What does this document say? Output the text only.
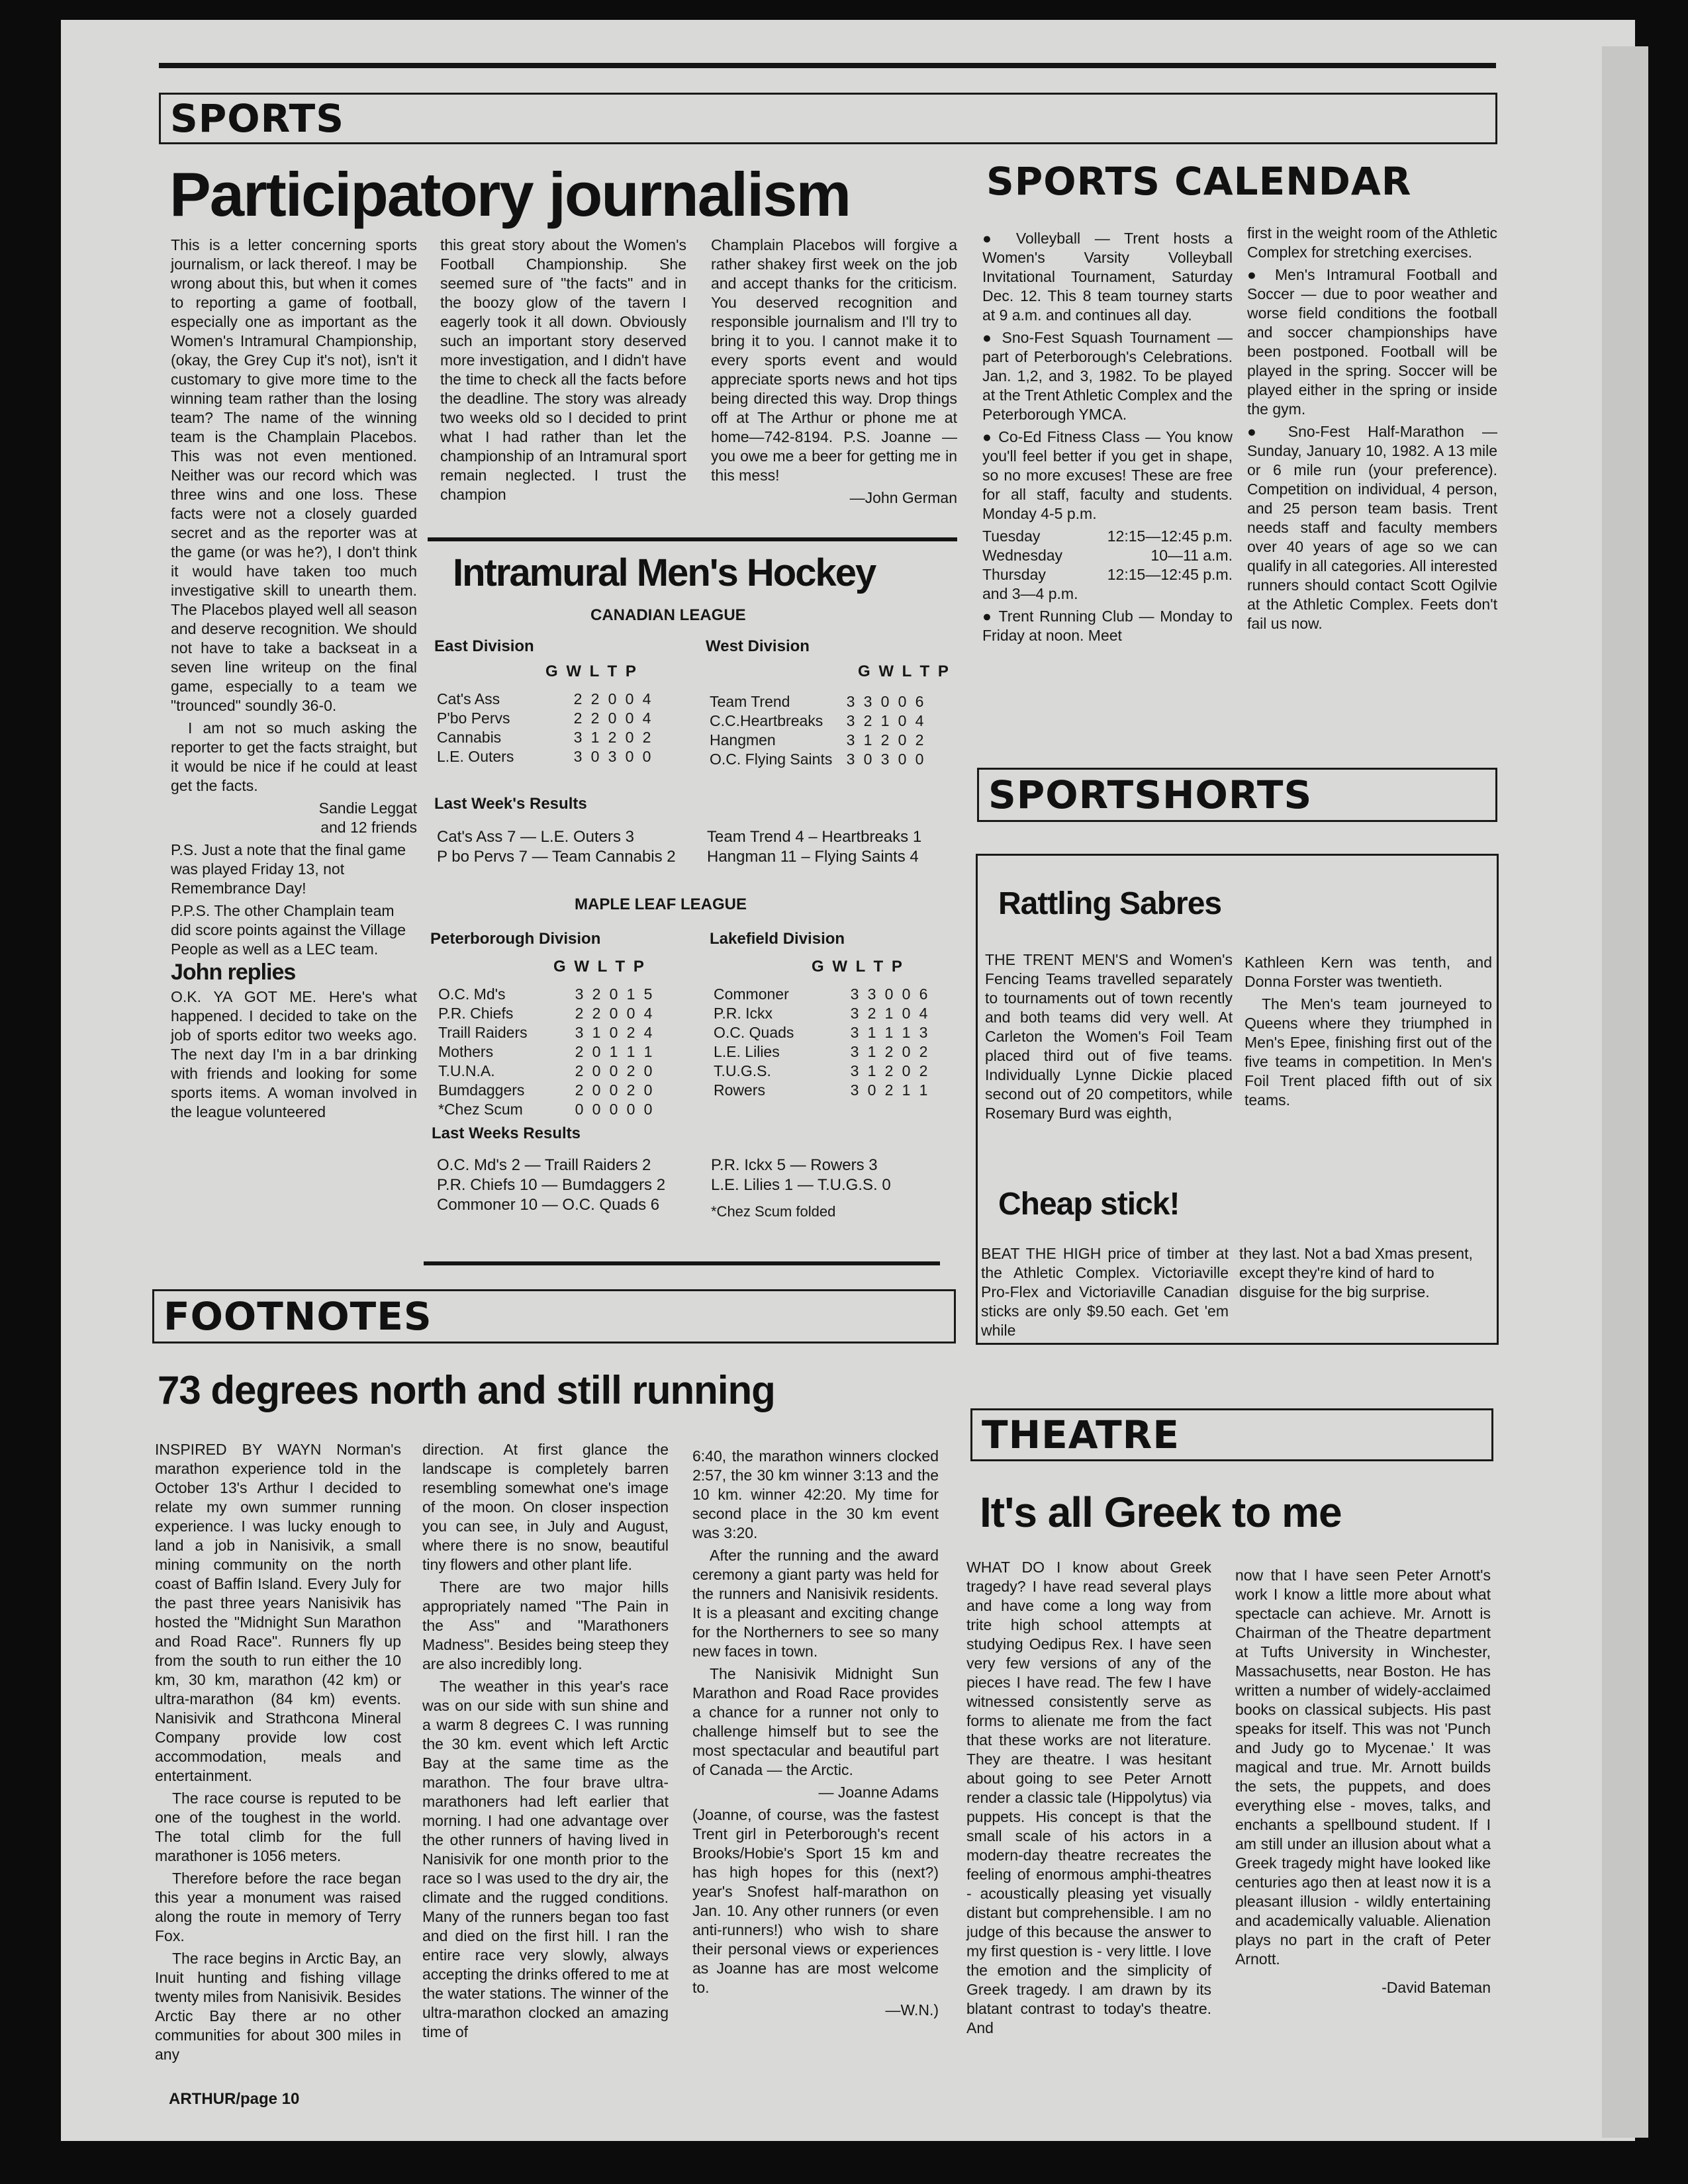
SPORTS
Participatory journalism

This is a letter concerning sports journalism, or lack thereof. I may be wrong about this, but when it comes to reporting a game of football, especially one as important as the Women's Intramural Championship, (okay, the Grey Cup it's not), isn't it customary to give more time to the winning team rather than the losing team? The name of the winning team is the Champlain Placebos. This was not even mentioned. Neither was our record which was three wins and one loss. These facts were not a closely guarded secret and as the reporter was at the game (or was he?), I don't think it would have taken too much investigative skill to unearth them. The Placebos played well all season and deserve recognition. We should not have to take a backseat in a seven line writeup on the final game, especially to a team we "trounced" soundly 36-0.

I am not so much asking the reporter to get the facts straight, but it would be nice if he could at least get the facts.

Sandie Leggat
and 12 friends

P.S. Just a note that the final game was played Friday 13, not Remembrance Day!

P.P.S. The other Champlain team did score points against the Village People as well as a LEC team.

John replies

O.K. YA GOT ME. Here's what happened. I decided to take on the job of sports editor two weeks ago. The next day I'm in a bar drinking with friends and looking for some sports items. A woman involved in the league volunteered

this great story about the Women's Football Championship. She seemed sure of "the facts" and in the boozy glow of the tavern I eagerly took it all down. Obviously such an important story deserved more investigation, and I didn't have the time to check all the facts before the deadline. The story was already two weeks old so I decided to print what I had rather than let the championship of an Intramural sport remain neglected. I trust the champion

Champlain Placebos will forgive a rather shakey first week on the job and accept thanks for the criticism. You deserved recognition and responsible journalism and I'll try to bring it to you. I cannot make it to every sports event and would appreciate sports news and hot tips being directed this way. Drop things off at The Arthur or phone me at home—742-8194. P.S. Joanne — you owe me a beer for getting me in this mess!

—John German

Intramural Men's Hockey
CANADIAN LEAGUE
East Division
G W L T P
Cat's Ass	2	2	0	0	4
P'bo Pervs	2	2	0	0	4
Cannabis	3	1	2	0	2
L.E. Outers	3	0	3	0	0
West Division
G W L T P
Team Trend	3	3	0	0	6
C.C.Heartbreaks	3	2	1	0	4
Hangmen	3	1	2	0	2
O.C. Flying Saints	3	0	3	0	0
Last Week's Results
Cat's Ass 7 — L.E. Outers 3
P bo Pervs 7 — Team Cannabis 2
Team Trend 4 – Heartbreaks 1
Hangman 11 – Flying Saints 4
MAPLE LEAF LEAGUE
Peterborough Division
G W L T P
O.C. Md's	3	2	0	1	5
P.R. Chiefs	2	2	0	0	4
Traill Raiders	3	1	0	2	4
Mothers	2	0	1	1	1
T.U.N.A.	2	0	0	2	0
Bumdaggers	2	0	0	2	0
*Chez Scum	0	0	0	0	0
Lakefield Division
G W L T P
Commoner	3	3	0	0	6
P.R. Ickx	3	2	1	0	4
O.C. Quads	3	1	1	1	3
L.E. Lilies	3	1	2	0	2
T.U.G.S.	3	1	2	0	2
Rowers	3	0	2	1	1
Last Weeks Results
O.C. Md's 2 — Traill Raiders 2
P.R. Chiefs 10 — Bumdaggers 2
Commoner 10 — O.C. Quads 6
P.R. Ickx 5 — Rowers 3
L.E. Lilies 1 — T.U.G.S. 0
*Chez Scum folded
SPORTS CALENDAR

● Volleyball — Trent hosts a Women's Varsity Volleyball Invitational Tournament, Saturday Dec. 12. This 8 team tourney starts at 9 a.m. and continues all day.

● Sno-Fest Squash Tournament — part of Peterborough's Celebrations. Jan. 1,2, and 3, 1982. To be played at the Trent Athletic Complex and the Peterborough YMCA.

● Co-Ed Fitness Class — You know you'll feel better if you get in shape, so no more excuses! These are free for all staff, faculty and students. Monday 4-5 p.m.

Tuesday	12:15—12:45 p.m.
Wednesday	10—11 a.m.
Thursday	12:15—12:45 p.m.
and 3—4 p.m.

● Trent Running Club — Monday to Friday at noon. Meet

first in the weight room of the Athletic Complex for stretching exercises.

● Men's Intramural Football and Soccer — due to poor weather and worse field conditions the football and soccer championships have been postponed. Football will be played in the spring. Soccer will be played either in the spring or inside the gym.

● Sno-Fest Half-Marathon — Sunday, January 10, 1982. A 13 mile or 6 mile run (your preference). Competition on individual, 4 person, and 25 person team basis. Trent needs staff and faculty members over 40 years of age so we can qualify in all categories. All interested runners should contact Scott Ogilvie at the Athletic Complex. Feets don't fail us now.

SPORTSHORTS
Rattling Sabres

THE TRENT MEN'S and Women's Fencing Teams travelled separately to tournaments out of town recently and both teams did very well. At Carleton the Women's Foil Team placed third out of five teams. Individually Lynne Dickie placed second out of 20 competitors, while Rosemary Burd was eighth,

Kathleen Kern was tenth, and Donna Forster was twentieth.

The Men's team journeyed to Queens where they triumphed in Men's Epee, finishing first out of the five teams in competition. In Men's Foil Trent placed fifth out of six teams.

Cheap stick!

BEAT THE HIGH price of timber at the Athletic Complex. Victoriaville Pro-Flex and Victoriaville Canadian sticks are only $9.50 each. Get 'em while

they last. Not a bad Xmas present, except they're kind of hard to disguise for the big surprise.

FOOTNOTES
73 degrees north and still running

INSPIRED BY WAYN Norman's marathon experience told in the October 13's Arthur I decided to relate my own summer running experience. I was lucky enough to land a job in Nanisivik, a small mining community on the north coast of Baffin Island. Every July for the past three years Nanisivik has hosted the "Midnight Sun Marathon and Road Race". Runners fly up from the south to run either the 10 km, 30 km, marathon (42 km) or ultra-marathon (84 km) events. Nanisivik and Strathcona Mineral Company provide low cost accommodation, meals and entertainment.

The race course is reputed to be one of the toughest in the world. The total climb for the full marathoner is 1056 meters.

Therefore before the race began this year a monument was raised along the route in memory of Terry Fox.

The race begins in Arctic Bay, an Inuit hunting and fishing village twenty miles from Nanisivik. Besides Arctic Bay there ar no other communities for about 300 miles in any

direction. At first glance the landscape is completely barren resembling somewhat one's image of the moon. On closer inspection you can see, in July and August, where there is no snow, beautiful tiny flowers and other plant life.

There are two major hills appropriately named "The Pain in the Ass" and "Marathoners Madness". Besides being steep they are also incredibly long.

The weather in this year's race was on our side with sun shine and a warm 8 degrees C. I was running the 30 km. event which left Arctic Bay at the same time as the marathon. The four brave ultra-marathoners had left earlier that morning. I had one advantage over the other runners of having lived in Nanisivik for one month prior to the race so I was used to the dry air, the climate and the rugged conditions. Many of the runners began too fast and died on the first hill. I ran the entire race very slowly, always accepting the drinks offered to me at the water stations. The winner of the ultra-marathon clocked an amazing time of

6:40, the marathon winners clocked 2:57, the 30 km winner 3:13 and the 10 km. winner 42:20. My time for second place in the 30 km event was 3:20.

After the running and the award ceremony a giant party was held for the runners and Nanisivik residents. It is a pleasant and exciting change for the Northerners to see so many new faces in town.

The Nanisivik Midnight Sun Marathon and Road Race provides a chance for a runner not only to challenge himself but to see the most spectacular and beautiful part of Canada — the Arctic.

— Joanne Adams

(Joanne, of course, was the fastest Trent girl in Peterborough's recent Brooks/Hobie's Sport 15 km and has high hopes for this (next?) year's Snofest half-marathon on Jan. 10. Any other runners (or even anti-runners!) who wish to share their personal views or experiences as Joanne has are most welcome to.

—W.N.)

THEATRE
It's all Greek to me

WHAT DO I know about Greek tragedy? I have read several plays and have come a long way from trite high school attempts at studying Oedipus Rex. I have seen very few versions of any of the pieces I have read. The few I have witnessed consistently serve as forms to alienate me from the fact that these works are not literature. They are theatre. I was hesitant about going to see Peter Arnott render a classic tale (Hippolytus) via puppets. His concept is that the small scale of his actors in a modern-day theatre recreates the feeling of enormous amphi-theatres - acoustically pleasing yet visually distant but comprehensible. I am no judge of this because the answer to my first question is - very little. I love the emotion and the simplicity of Greek tragedy. I am drawn by its blatant contrast to today's theatre. And

now that I have seen Peter Arnott's work I know a little more about what spectacle can achieve. Mr. Arnott is Chairman of the Theatre department at Tufts University in Winchester, Massachusetts, near Boston. He has written a number of widely-acclaimed books on classical subjects. His past speaks for itself. This was not 'Punch and Judy go to Mycenae.' It was magical and true. Mr. Arnott builds the sets, the puppets, and does everything else - moves, talks, and enchants a spellbound student. If I am still under an illusion about what a Greek tragedy might have looked like centuries ago then at least now it is a pleasant illusion - wildly entertaining and academically valuable. Alienation plays no part in the craft of Peter Arnott.

-David Bateman

ARTHUR/page 10
